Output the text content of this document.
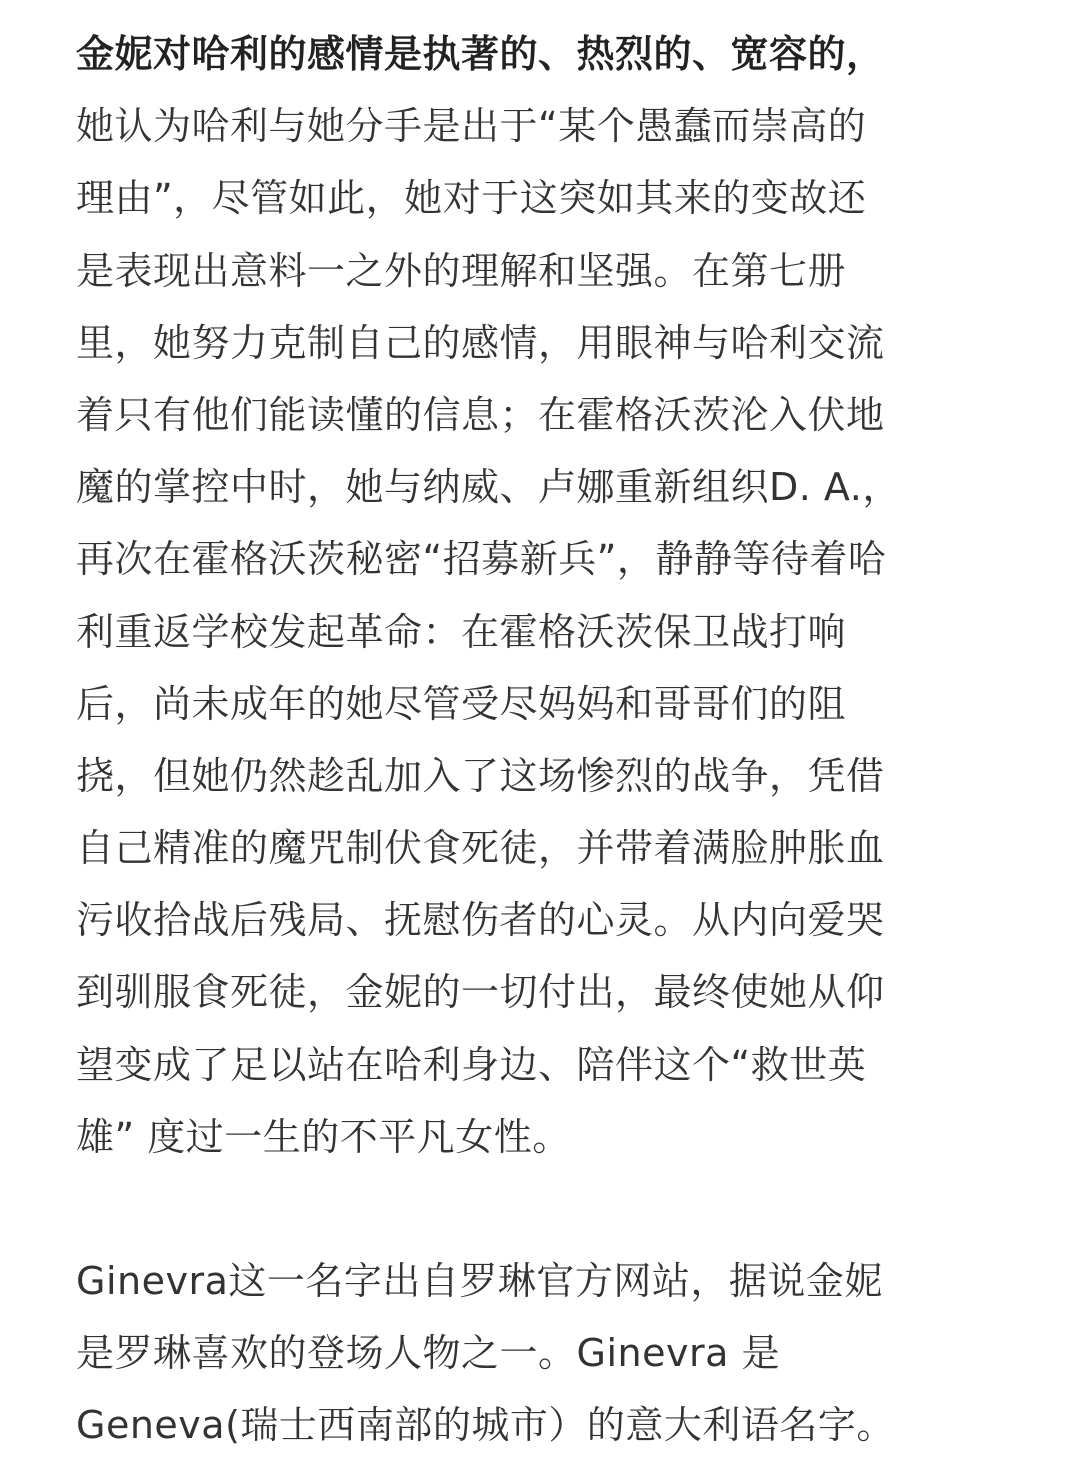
金妮对哈利的感情是执著的、热烈的、宽容的，
她认为哈利与她分手是出于“某个愚蠢而崇高的
理由”，尽管如此，她对于这突如其来的变故还
是表现出意料一之外的理解和坚强。在第七册
里，她努力克制自己的感情，用眼神与哈利交流
着只有他们能读懂的信息；在霍格沃茨沦入伏地
魔的掌控中时，她与纳威、卢娜重新组织D. A.，
再次在霍格沃茨秘密“招募新兵”，静静等待着哈
利重返学校发起革命：在霍格沃茨保卫战打响
后，尚未成年的她尽管受尽妈妈和哥哥们的阻
挠，但她仍然趁乱加入了这场惨烈的战争，凭借
自己精准的魔咒制伏食死徒，并带着满脸肿胀血
污收拾战后残局、抚慰伤者的心灵。从内向爱哭
到驯服食死徒，金妮的一切付出，最终使她从仰
望变成了足以站在哈利身边、陪伴这个“救世英
雄” 度过一生的不平凡女性。

Ginevra这一名字出自罗琳官方网站，据说金妮
是罗琳喜欢的登场人物之一。Ginevra 是
Geneva(瑞士西南部的城市）的意大利语名字。
